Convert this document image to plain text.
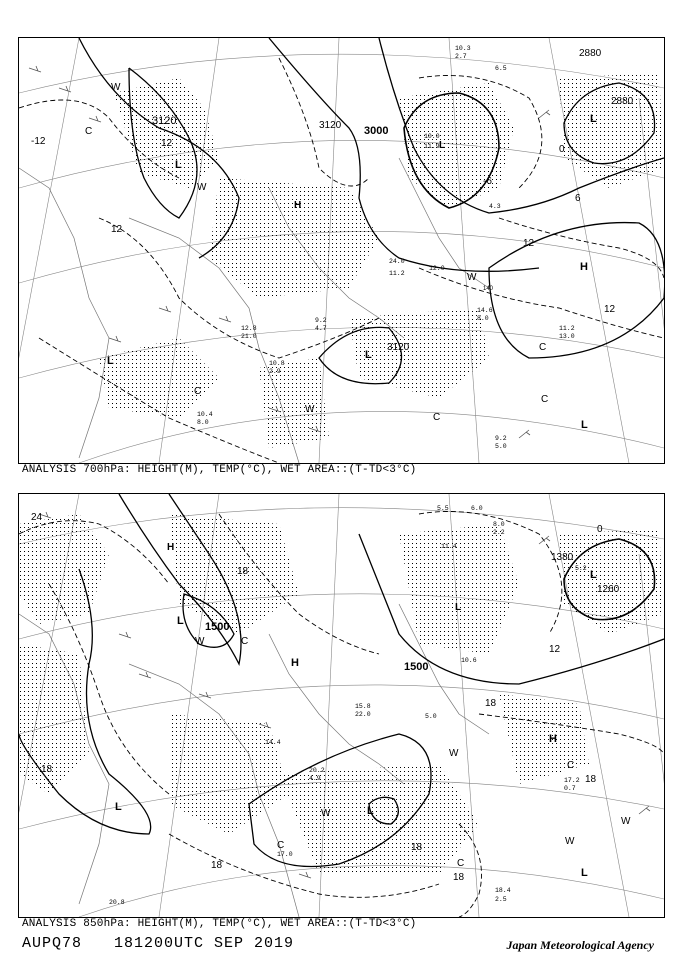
10.3
2.7
6.5
10.0
11.9
4.3
24.0
11.2
12.0
14.6
8.0
11.2
13.0
9.2
5.0
10.8
2.9
12.8
21.0
10.4
8.0
9.2
4.7
3120
3000
2880
2880
3120
3120
-12	12
12
12
12
6
0
-6
140
H
H
L
L
L
L
L
L
W
W
W
W
C
C
C
C
C
ANALYSIS 700hPa: HEIGHT(M), TEMP(°C), WET AREA::(T-TD<3°C)
5.5	6.0
8.0
2.2
11.4
17.2
0.7
18.4
2.5
15.8
22.0
20.2
4.9
17.0
20.8
14.4
10.6
5.2
5.0
1500
1500
1260
1380
24
18
18
18
18
18
18
12
0
18
H
H
H
L
L
L	L
L
L
W
W
W
W
W
C
C
C
C
ANALYSIS 850hPa: HEIGHT(M), TEMP(°C), WET AREA::(T-TD<3°C)
AUPQ78 181200UTC SEP 2019	Japan Meteorological Agency
